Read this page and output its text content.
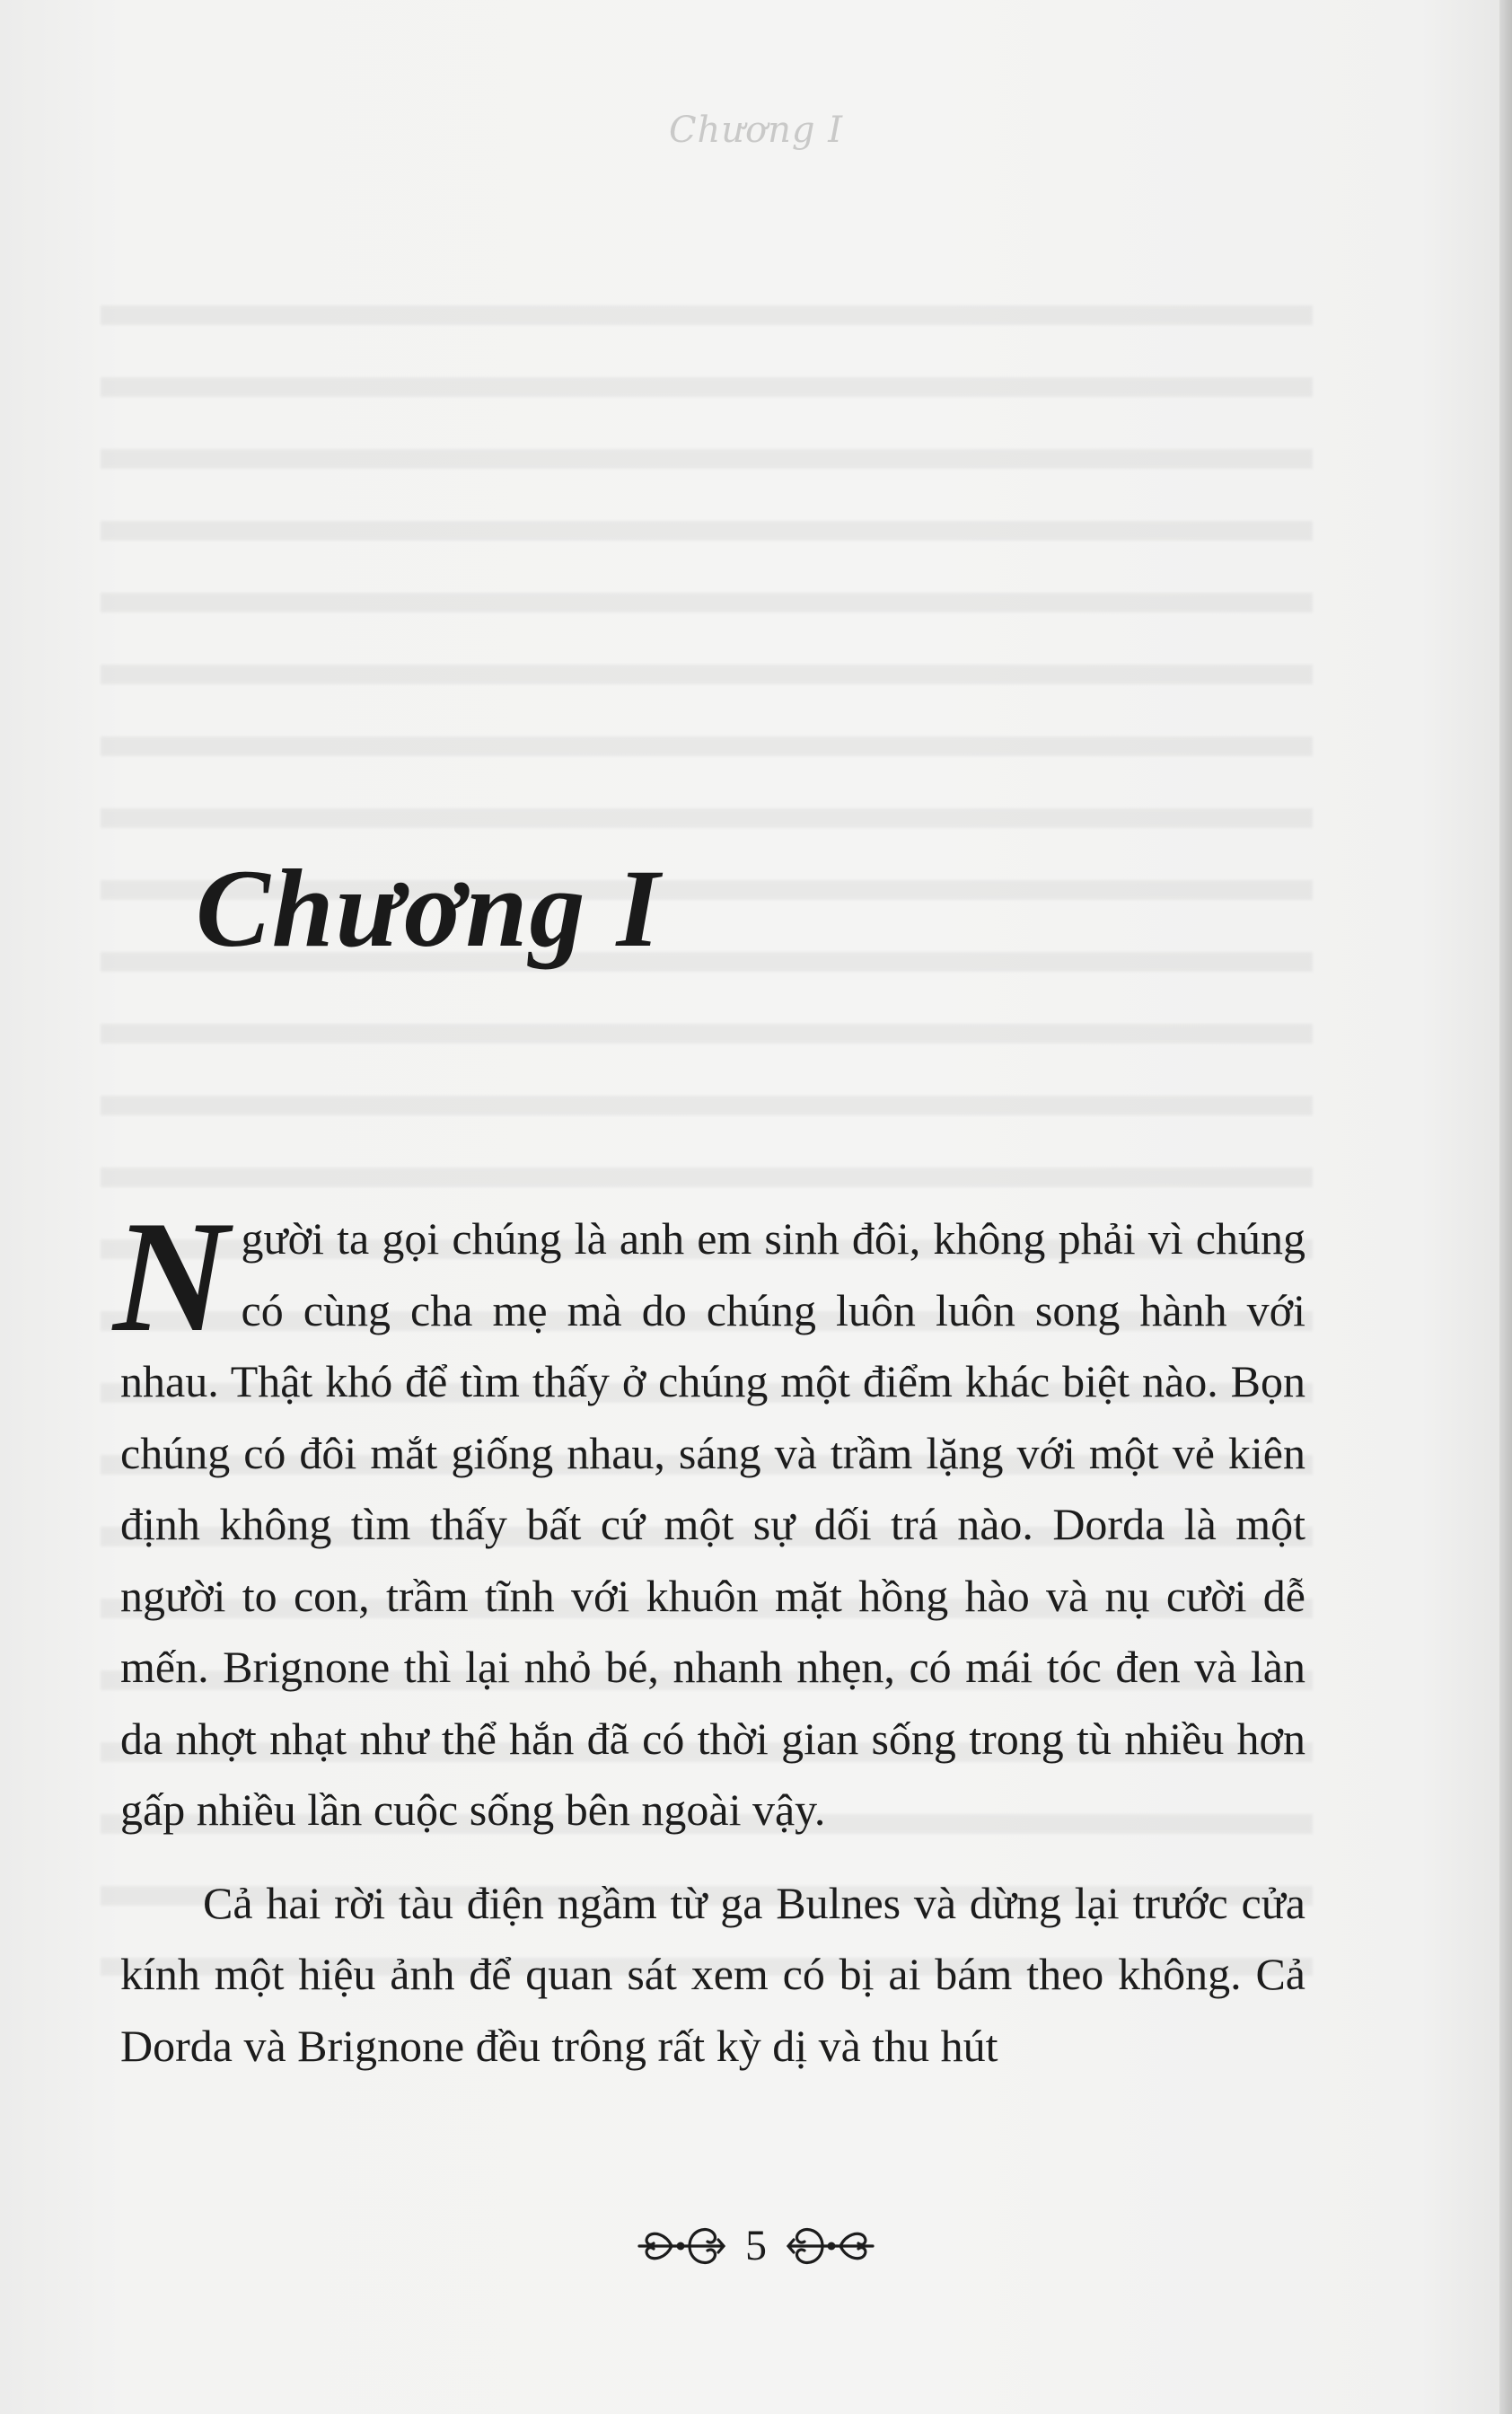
Chương I
Chương I

Người ta gọi chúng là anh em sinh đôi, không phải vì chúng có cùng cha mẹ mà do chúng luôn luôn song hành với nhau. Thật khó để tìm thấy ở chúng một điểm khác biệt nào. Bọn chúng có đôi mắt giống nhau, sáng và trầm lặng với một vẻ kiên định không tìm thấy bất cứ một sự dối trá nào. Dorda là một người to con, trầm tĩnh với khuôn mặt hồng hào và nụ cười dễ mến. Brignone thì lại nhỏ bé, nhanh nhẹn, có mái tóc đen và làn da nhợt nhạt như thể hắn đã có thời gian sống trong tù nhiều hơn gấp nhiều lần cuộc sống bên ngoài vậy.

Cả hai rời tàu điện ngầm từ ga Bulnes và dừng lại trước cửa kính một hiệu ảnh để quan sát xem có bị ai bám theo không. Cả Dorda và Brignone đều trông rất kỳ dị và thu hút

5
